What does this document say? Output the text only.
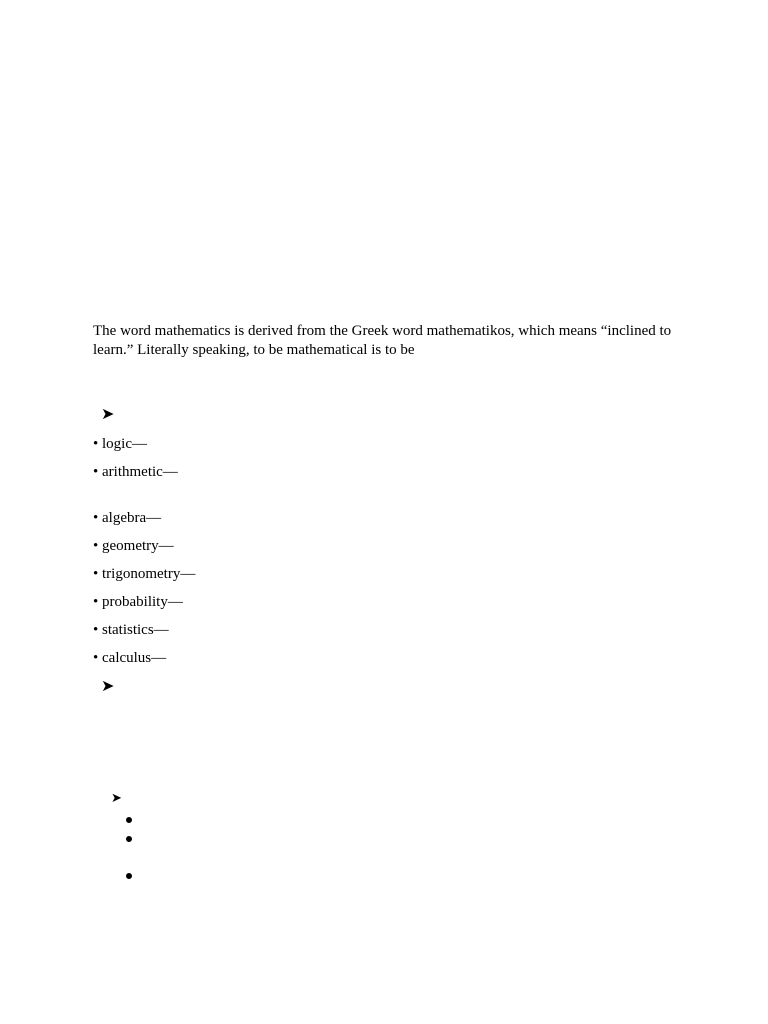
The word mathematics is derived from the Greek word mathematikos, which means “inclined to learn.” Literally speaking, to be mathematical is to be

➤
• logic—
• arithmetic—
• algebra—
• geometry—
• trigonometry—
• probability—
• statistics—
• calculus—
➤
➤
